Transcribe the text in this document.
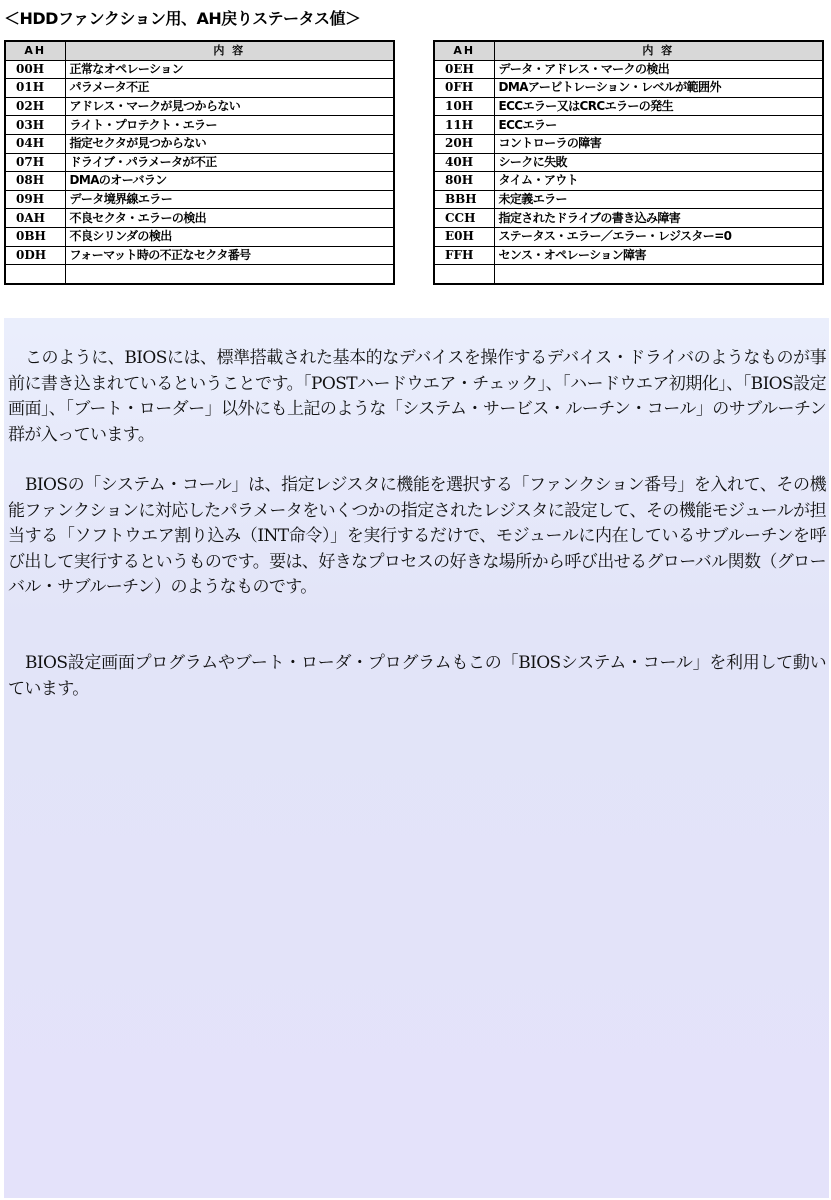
＜HDDファンクション用、AH戻りステータス値＞
AH	内 容
00H	正常なオペレーション
01H	パラメータ不正
02H	アドレス・マークが見つからない
03H	ライト・プロテクト・エラー
04H	指定セクタが見つからない
07H	ドライブ・パラメータが不正
08H	DMAのオーバラン
09H	データ境界線エラー
0AH	不良セクタ・エラーの検出
0BH	不良シリンダの検出
0DH	フォーマット時の不正なセクタ番号

AH	内 容
0EH	データ・アドレス・マークの検出
0FH	DMAアービトレーション・レベルが範囲外
10H	ECCエラー又はCRCエラーの発生
11H	ECCエラー
20H	コントローラの障害
40H	シークに失敗
80H	タイム・アウト
BBH	未定義エラー
CCH	指定されたドライブの書き込み障害
E0H	ステータス・エラー／エラー・レジスター=0
FFH	センス・オペレーション障害

このように、BIOSには、標準搭載された基本的なデバイスを操作するデバイス・ドライバのようなものが事前に書き込まれているということです。「POSTハードウエア・チェック」、「ハードウエア初期化」、「BIOS設定画面」、「ブート・ローダー」以外にも上記のような「システム・サービス・ルーチン・コール」のサブルーチン群が入っています。

BIOSの「システム・コール」は、指定レジスタに機能を選択する「ファンクション番号」を入れて、その機能ファンクションに対応したパラメータをいくつかの指定されたレジスタに設定して、その機能モジュールが担当する「ソフトウエア割り込み（INT命令）」を実行するだけで、モジュールに内在しているサブルーチンを呼び出して実行するというものです。要は、好きなプロセスの好きな場所から呼び出せるグローバル関数（グローバル・サブルーチン）のようなものです。

BIOS設定画面プログラムやブート・ローダ・プログラムもこの「BIOSシステム・コール」を利用して動いています。
